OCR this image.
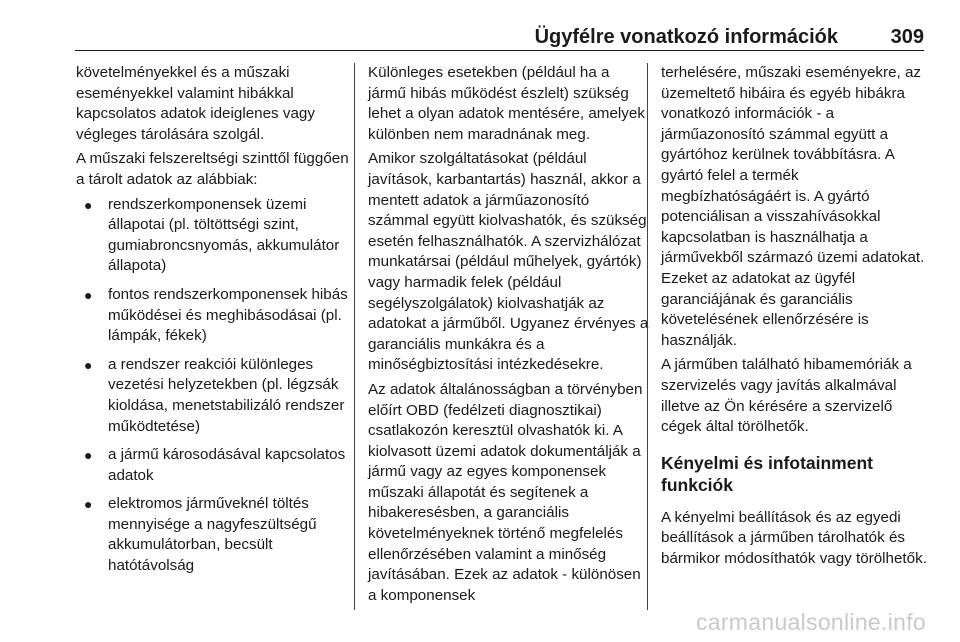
Ügyfélre vonatkozó információk	309

követelményekkel és a műszaki eseményekkel valamint hibákkal kapcsolatos adatok ideiglenes vagy végleges tárolására szolgál.

A műszaki felszereltségi szinttől függően a tárolt adatok az alábbiak:

● rendszerkomponensek üzemi állapotai (pl. töltöttségi szint, gumiabroncsnyomás, akkumulátor állapota)
● fontos rendszerkomponensek hibás működései és meghibásodásai (pl. lámpák, fékek)
● a rendszer reakciói különleges vezetési helyzetekben (pl. légzsák kioldása, menetstabilizáló rendszer működtetése)
● a jármű károsodásával kapcsolatos adatok
● elektromos járműveknél töltés mennyisége a nagyfeszültségű akkumulátorban, becsült hatótávolság

Különleges esetekben (például ha a jármű hibás működést észlelt) szükség lehet a olyan adatok mentésére, amelyek különben nem maradnának meg.

Amikor szolgáltatásokat (például javítások, karbantartás) használ, akkor a mentett adatok a járműazonosító számmal együtt kiolvashatók, és szükség esetén felhasználhatók. A szervizhálózat munkatársai (például műhelyek, gyártók) vagy harmadik felek (például segélyszolgálatok) kiolvashatják az adatokat a járműből. Ugyanez érvényes a garanciális munkákra és a minőségbiztosítási intézkedésekre.

Az adatok általánosságban a törvényben előírt OBD (fedélzeti diagnosztikai) csatlakozón keresztül olvashatók ki. A kiolvasott üzemi adatok dokumentálják a jármű vagy az egyes komponensek műszaki állapotát és segítenek a hibakeresésben, a garanciális követelményeknek történő megfelelés ellenőrzésében valamint a minőség javításában. Ezek az adatok - különösen a komponensek

terhelésére, műszaki eseményekre, az üzemeltető hibáira és egyéb hibákra vonatkozó információk - a járműazonosító számmal együtt a gyártóhoz kerülnek továbbításra. A gyártó felel a termék megbízhatóságáért is. A gyártó potenciálisan a visszahívásokkal kapcsolatban is használhatja a járművekből származó üzemi adatokat. Ezeket az adatokat az ügyfél garanciájának és garanciális követelésének ellenőrzésére is használják.

A járműben található hibamemóriák a szervizelés vagy javítás alkalmával illetve az Ön kérésére a szervizelő cégek által törölhetők.

Kényelmi és infotainment funkciók

A kényelmi beállítások és az egyedi beállítások a járműben tárolhatók és bármikor módosíthatók vagy törölhetők.

carmanualsonline.info
